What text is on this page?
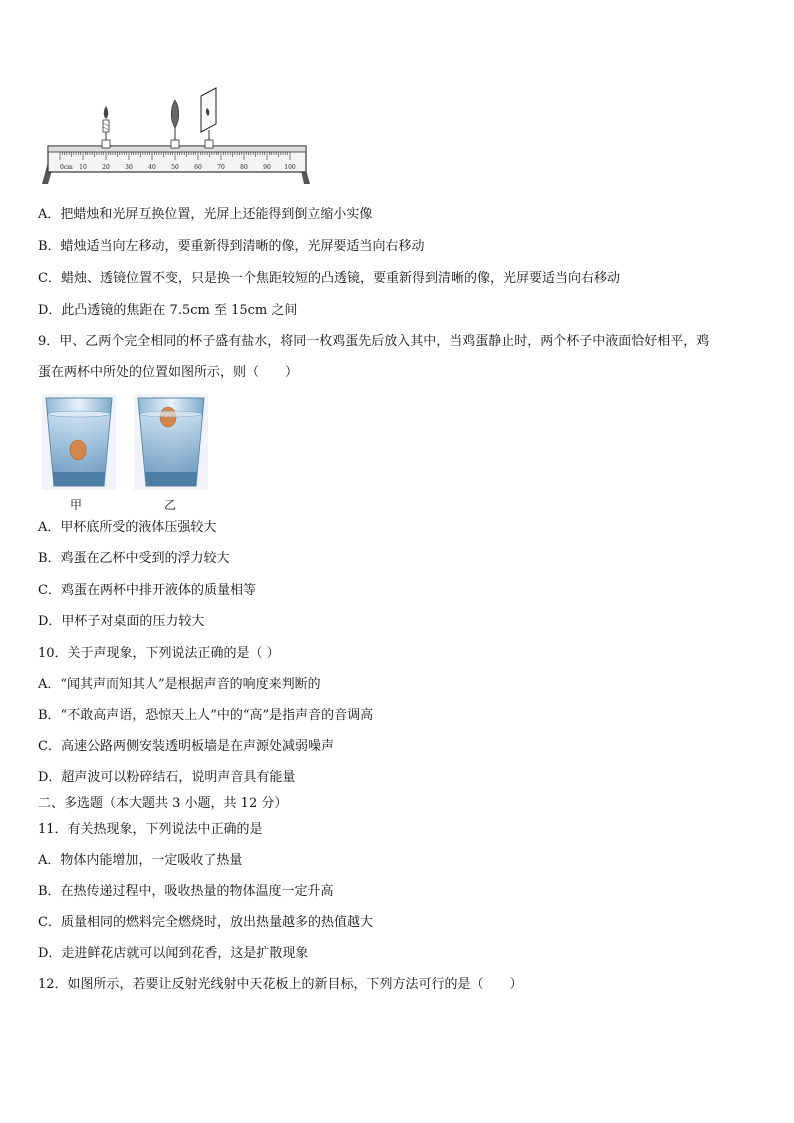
0cm 10	20	30	40	50	60	70	80	90 100
A．把蜡烛和光屏互换位置，光屏上还能得到倒立缩小实像
B．蜡烛适当向左移动，要重新得到清晰的像，光屏要适当向右移动
C．蜡烛、透镜位置不变，只是换一个焦距较短的凸透镜，要重新得到清晰的像，光屏要适当向右移动
D．此凸透镜的焦距在 7.5cm 至 15cm 之间
9．甲、乙两个完全相同的杯子盛有盐水，将同一枚鸡蛋先后放入其中，当鸡蛋静止时，两个杯子中液面恰好相平，鸡
蛋在两杯中所处的位置如图所示，则（　　）
甲	乙
A．甲杯底所受的液体压强较大
B．鸡蛋在乙杯中受到的浮力较大
C．鸡蛋在两杯中排开液体的质量相等
D．甲杯子对桌面的压力较大
10．关于声现象，下列说法正确的是（ ）
A．“闻其声而知其人”是根据声音的响度来判断的
B．“不敢高声语，恐惊天上人”中的“高”是指声音的音调高
C．高速公路两侧安装透明板墙是在声源处减弱噪声
D．超声波可以粉碎结石，说明声音具有能量
二、多选题（本大题共 3 小题，共 12 分）
11．有关热现象，下列说法中正确的是
A．物体内能增加，一定吸收了热量
B．在热传递过程中，吸收热量的物体温度一定升高
C．质量相同的燃料完全燃烧时，放出热量越多的热值越大
D．走进鲜花店就可以闻到花香，这是扩散现象
12．如图所示，若要让反射光线射中天花板上的新目标，下列方法可行的是（　　）
